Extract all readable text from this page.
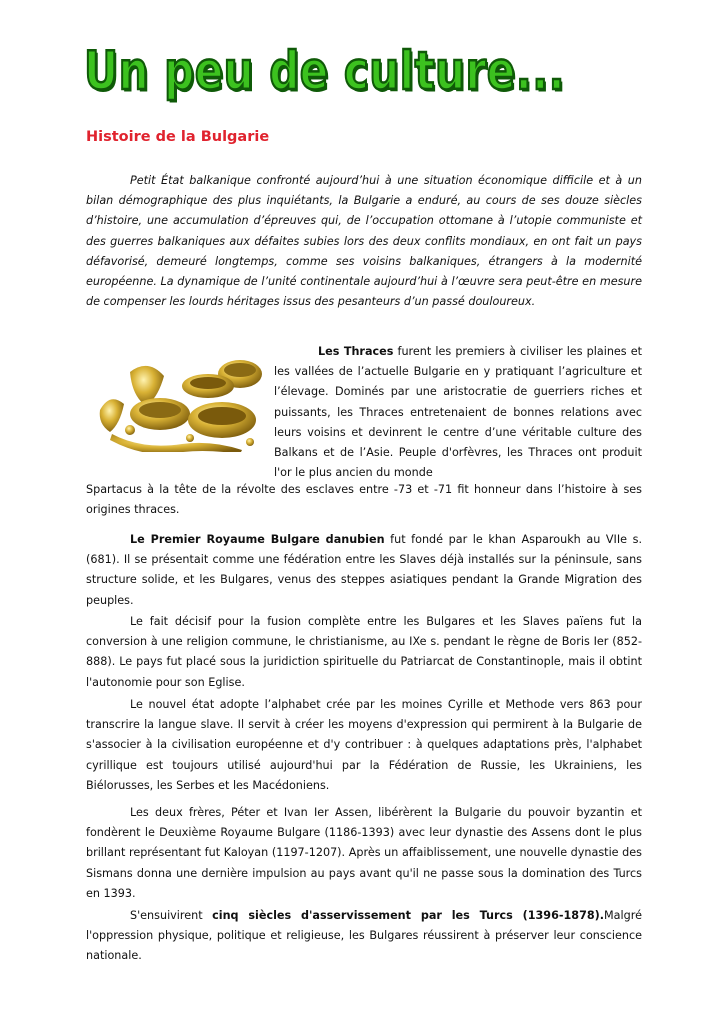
Un peu de culture...
Histoire de la Bulgarie

Petit État balkanique confronté aujourd’hui à une situation économique difficile et à un bilan démographique des plus inquiétants, la Bulgarie a enduré, au cours de ses douze siècles d’histoire, une accumulation d’épreuves qui, de l’occupation ottomane à l’utopie communiste et des guerres balkaniques aux défaites subies lors des deux conflits mondiaux, en ont fait un pays défavorisé, demeuré longtemps, comme ses voisins balkaniques, étrangers à la modernité européenne. La dynamique de l’unité continentale aujourd’hui à l’œuvre sera peut-être en mesure de compenser les lourds héritages issus des pesanteurs d’un passé douloureux.

Les Thraces furent les premiers à civiliser les plaines et les vallées de l’actuelle Bulgarie en y pratiquant l’agriculture et l’élevage. Dominés par une aristocratie de guerriers riches et puissants, les Thraces entretenaient de bonnes relations avec leurs voisins et devinrent le centre d’une véritable culture des Balkans et de l’Asie. Peuple d'orfèvres, les Thraces ont produit l'or le plus ancien du monde

Spartacus à la tête de la révolte des esclaves entre -73 et -71 fit honneur dans l’histoire à ses origines thraces.

Le Premier Royaume Bulgare danubien fut fondé par le khan Asparoukh au VIIe s. (681). Il se présentait comme une fédération entre les Slaves déjà installés sur la péninsule, sans structure solide, et les Bulgares, venus des steppes asiatiques pendant la Grande Migration des peuples.

Le fait décisif pour la fusion complète entre les Bulgares et les Slaves païens fut la conversion à une religion commune, le christianisme, au IXe s. pendant le règne de Boris Ier (852-888). Le pays fut placé sous la juridiction spirituelle du Patriarcat de Constantinople, mais il obtint l'autonomie pour son Eglise.

Le nouvel état adopte l’alphabet crée par les moines Cyrille et Methode vers 863 pour transcrire la langue slave. Il servit à créer les moyens d'expression qui permirent à la Bulgarie de s'associer à la civilisation européenne et d'y contribuer : à quelques adaptations près, l'alphabet cyrillique est toujours utilisé aujourd'hui par la Fédération de Russie, les Ukrainiens, les Biélorusses, les Serbes et les Macédoniens.

Les deux frères, Péter et Ivan Ier Assen, libérèrent la Bulgarie du pouvoir byzantin et fondèrent le Deuxième Royaume Bulgare (1186-1393) avec leur dynastie des Assens dont le plus brillant représentant fut Kaloyan (1197-1207). Après un affaiblissement, une nouvelle dynastie des Sismans donna une dernière impulsion au pays avant qu'il ne passe sous la domination des Turcs en 1393.

S'ensuivirent cinq siècles d'asservissement par les Turcs (1396-1878).Malgré l'oppression physique, politique et religieuse, les Bulgares réussirent à préserver leur conscience nationale.
